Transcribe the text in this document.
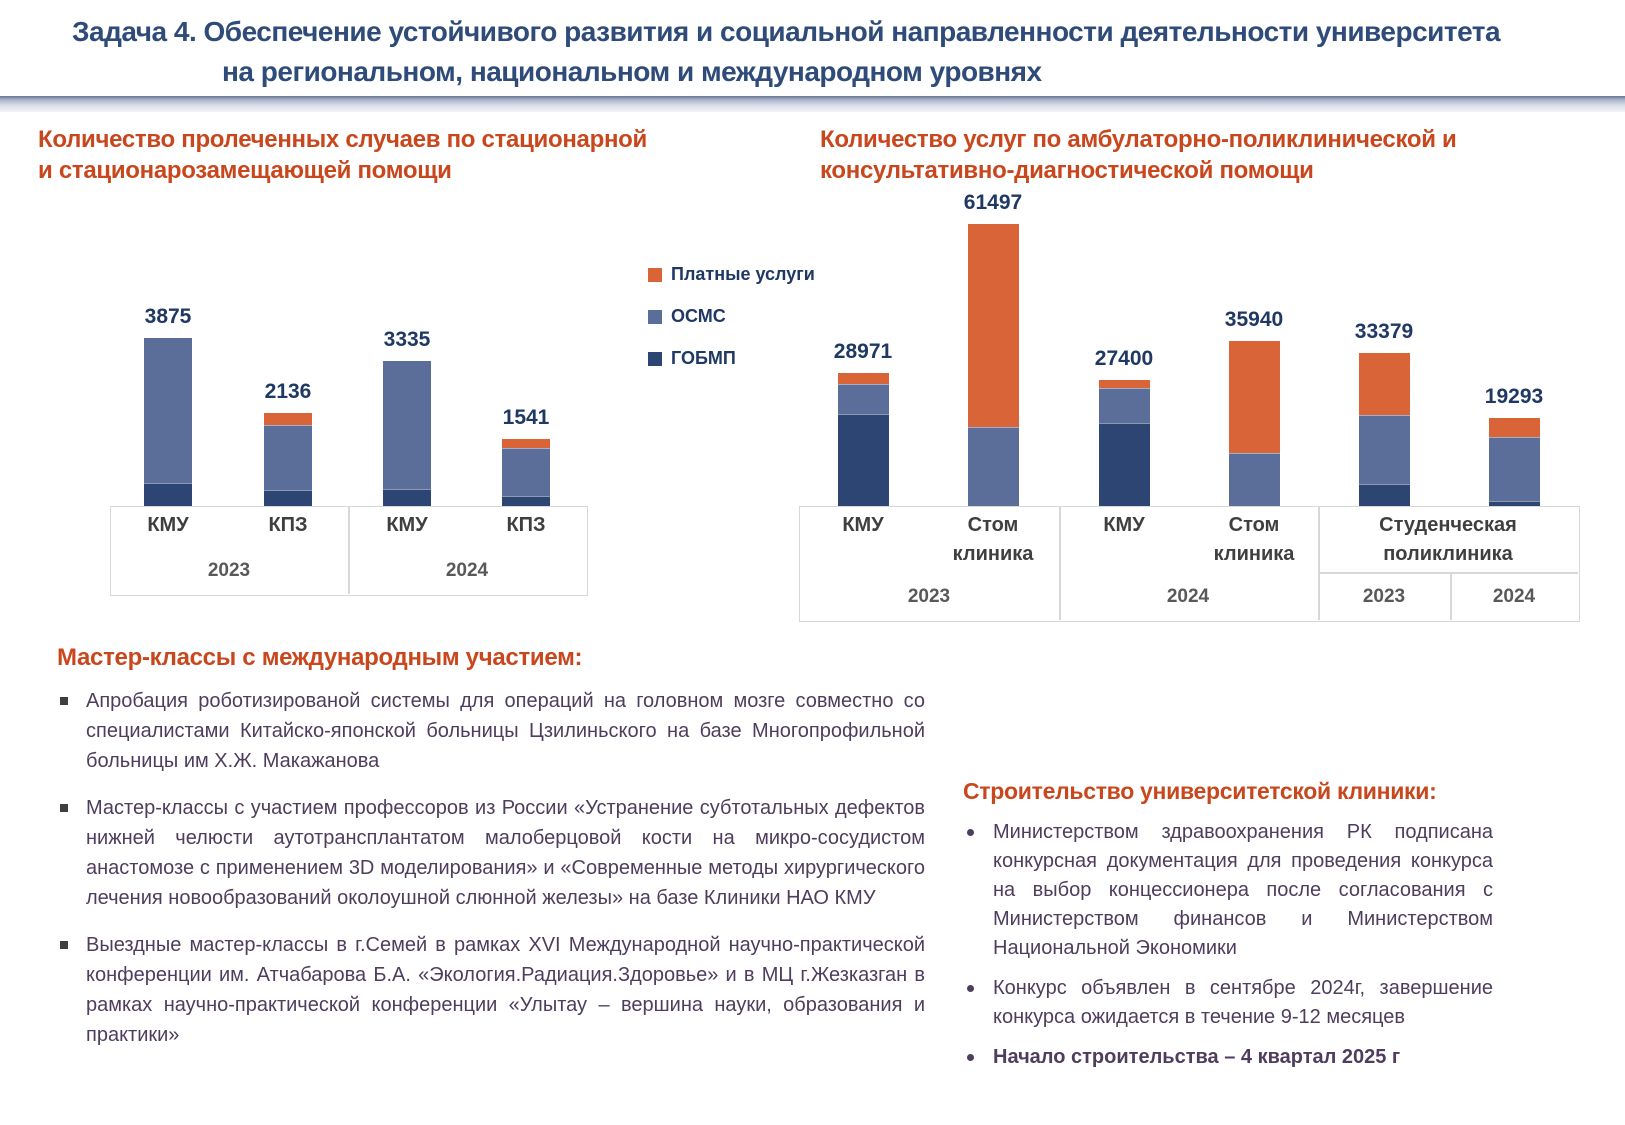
Задача 4. Обеспечение устойчивого развития и социальной направленности деятельности университета
на региональном, национальном и международном уровнях
Количество пролеченных случаев по стационарной
и стационарозамещающей помощи
Количество услуг по амбулаторно-поликлинической и
консультативно-диагностической помощи
КМУ	КПЗ	КМУ	КПЗ
2023	2024
3875
2136
3335
1541
КМУ	Стом
клиника
КМУ	Стом
клиника
Студенческая
поликлиника
2023	2024	2023	2024
28971
61497
27400
35940
33379
19293
Платные услуги
ОСМС
ГОБМП
Мастер-классы с международным участием:
Апробация роботизированой системы для операций на головном мозге совместно со специалистами Китайско-японской больницы Цзилиньского на базе Многопрофильной больницы им Х.Ж. Макажанова
Мастер-классы с участием профессоров из России «Устранение субтотальных дефектов нижней челюсти аутотрансплантатом малоберцовой кости на микро-сосудистом анастомозе с применением 3D моделирования» и «Современные методы хирургического лечения новообразований околоушной слюнной железы» на базе Клиники НАО КМУ
Выездные мастер-классы в г.Семей в рамках XVI Международной научно-практической конференции им. Атчабарова Б.А. «Экология.Радиация.Здоровье» и в МЦ г.Жезказган в рамках научно-практической конференции «Улытау – вершина науки, образования и практики»
Строительство университетской клиники:
Министерством здравоохранения РК подписана конкурсная документация для проведения конкурса на выбор концессионера после согласования с Министерством финансов и Министерством Национальной Экономики
Конкурс объявлен в сентябре 2024г, завершение конкурса ожидается в течение 9-12 месяцев
Начало строительства – 4 квартал 2025 г
